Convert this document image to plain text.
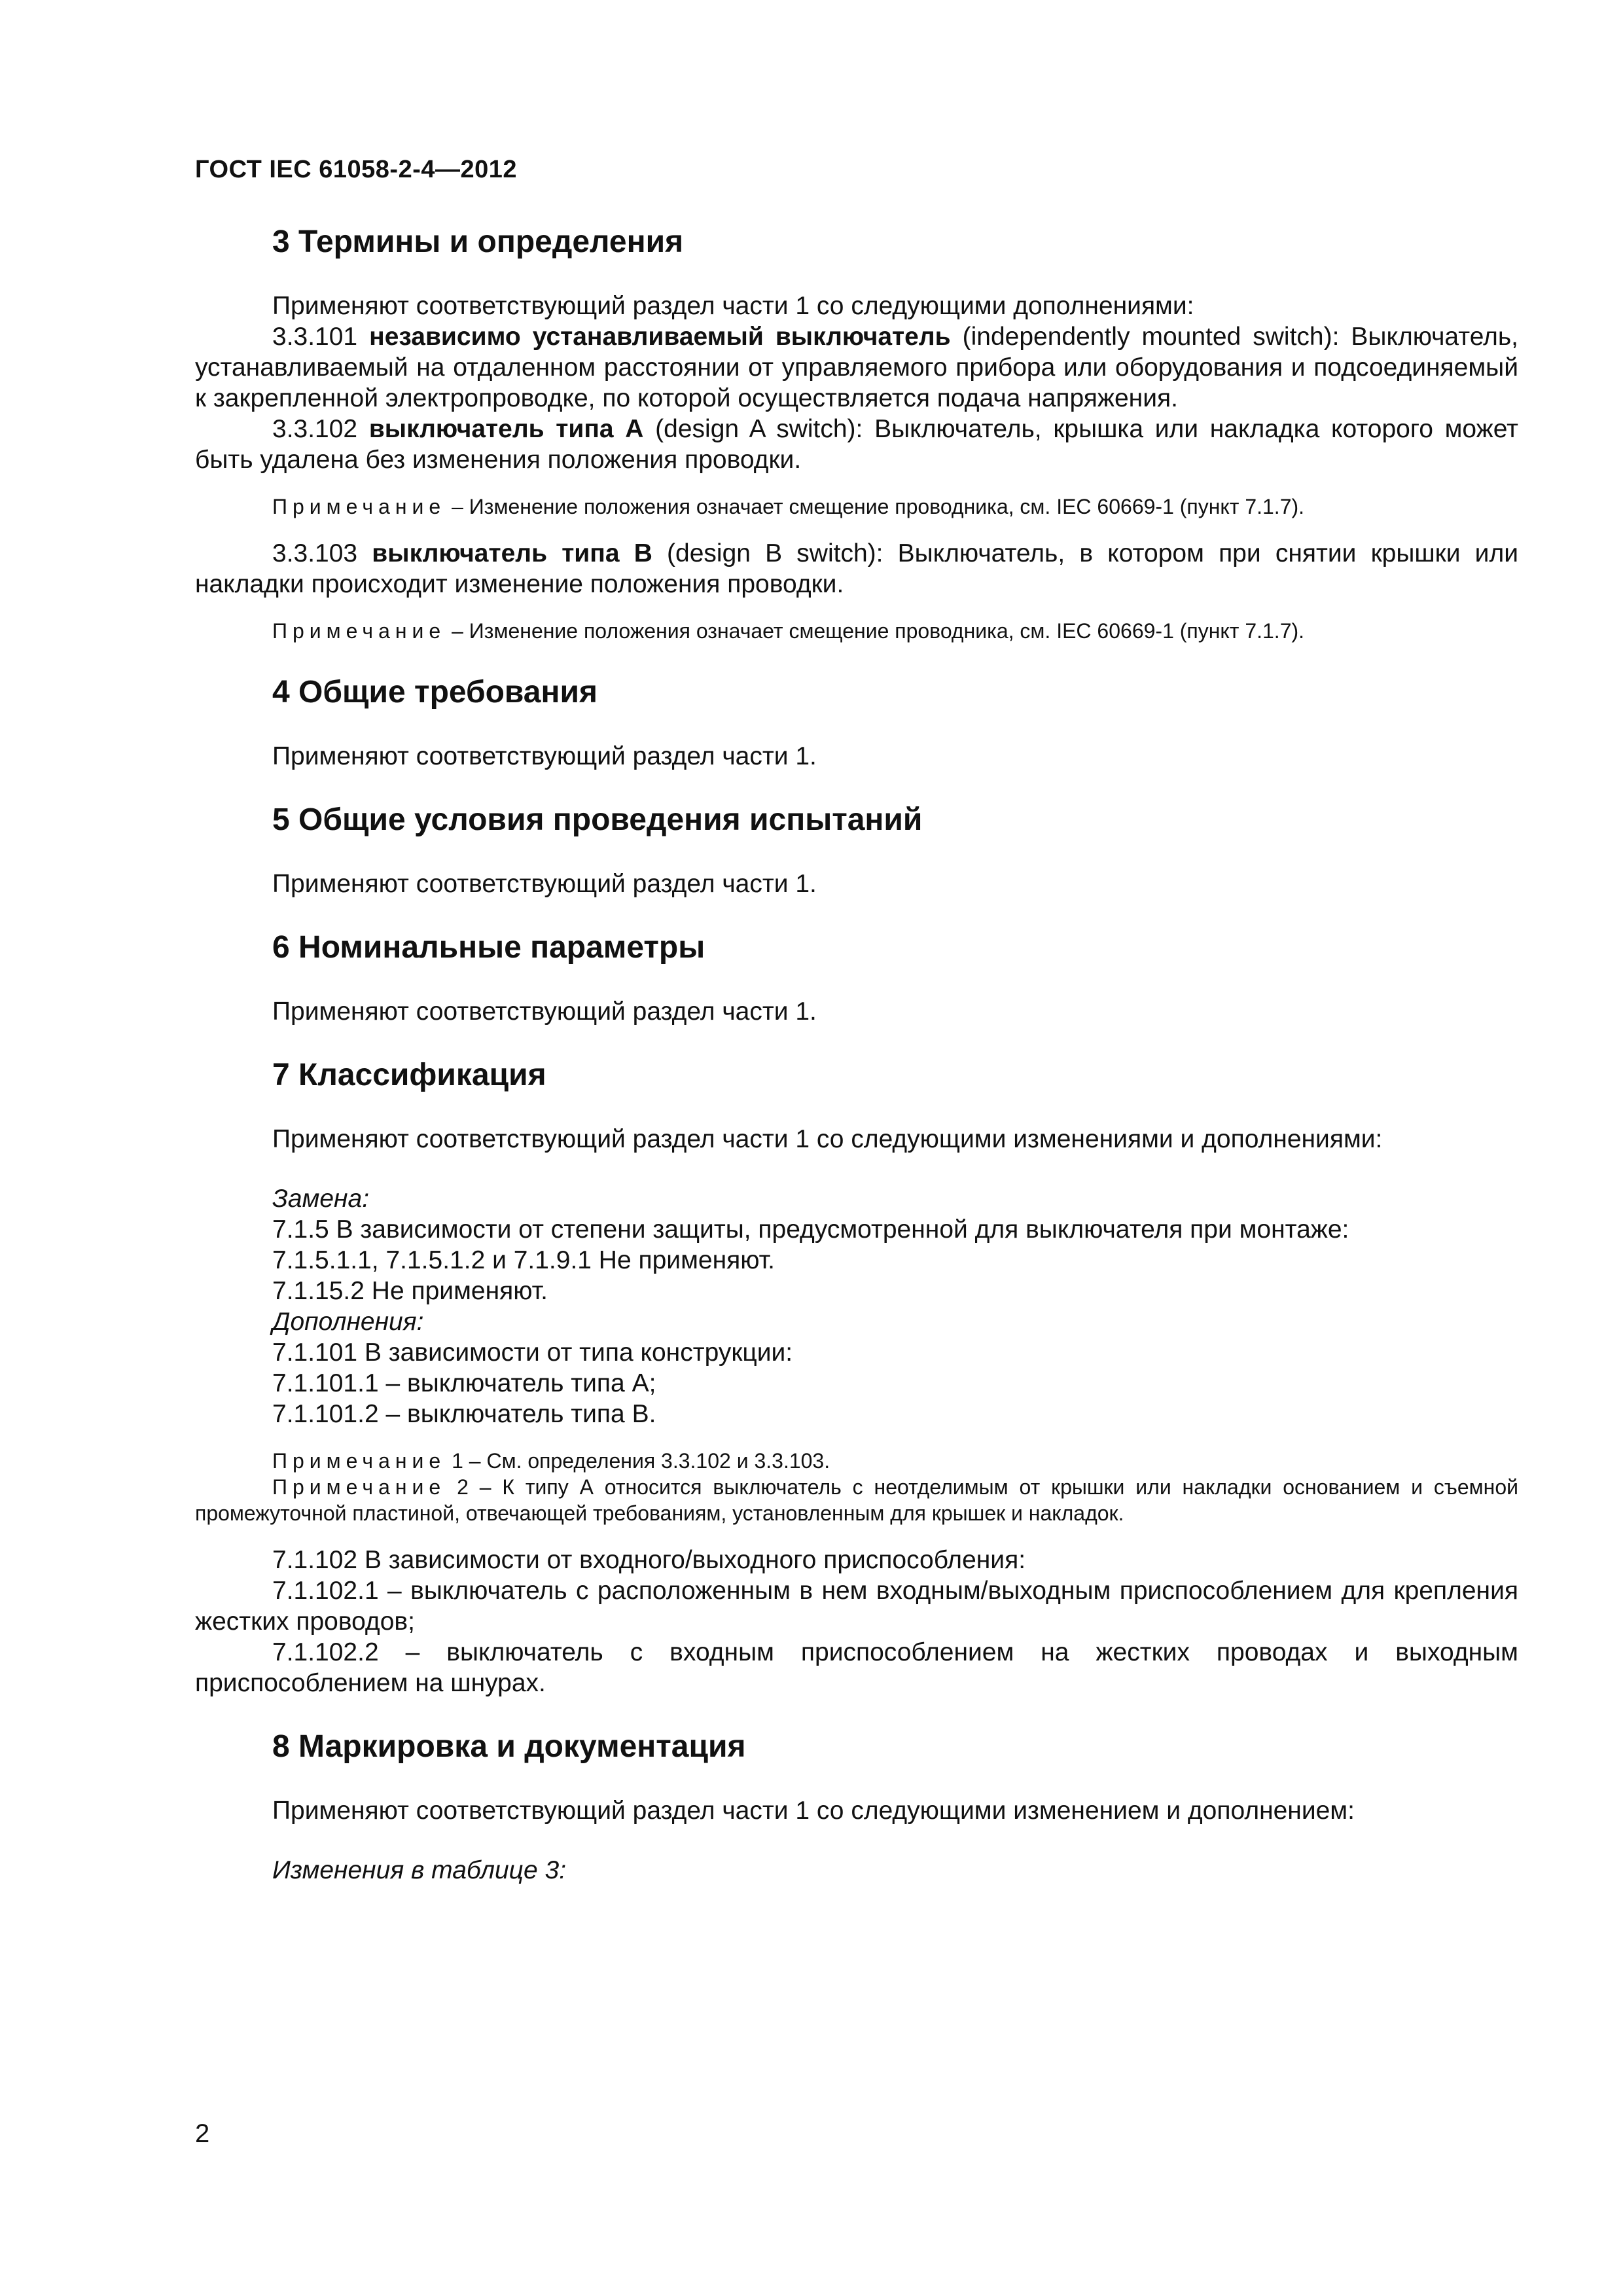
ГОСТ IEC 61058-2-4—2012
3 Термины и определения

Применяют соответствующий раздел части 1 со следующими дополнениями:

3.3.101 независимо устанавливаемый выключатель (independently mounted switch): Выключатель, устанавливаемый на отдаленном расстоянии от управляемого прибора или оборудования и подсоединяемый к закрепленной электропроводке, по которой осуществляется подача напряжения.

3.3.102 выключатель типа А (design A switch): Выключатель, крышка или накладка которого может быть удалена без изменения положения проводки.

Примечание – Изменение положения означает смещение проводника, см. IEC 60669-1 (пункт 7.1.7).

3.3.103 выключатель типа В (design B switch): Выключатель, в котором при снятии крышки или накладки происходит изменение положения проводки.

Примечание – Изменение положения означает смещение проводника, см. IEC 60669-1 (пункт 7.1.7).

4 Общие требования

Применяют соответствующий раздел части 1.

5 Общие условия проведения испытаний

Применяют соответствующий раздел части 1.

6 Номинальные параметры

Применяют соответствующий раздел части 1.

7 Классификация

Применяют соответствующий раздел части 1 со следующими изменениями и дополнениями:

Замена:
7.1.5 В зависимости от степени защиты, предусмотренной для выключателя при монтаже:
7.1.5.1.1, 7.1.5.1.2 и 7.1.9.1 Не применяют.
7.1.15.2 Не применяют.
Дополнения:
7.1.101 В зависимости от типа конструкции:
7.1.101.1 – выключатель типа А;
7.1.101.2 – выключатель типа В.

Примечание 1 – См. определения 3.3.102 и 3.3.103.

Примечание 2 – К типу А относится выключатель с неотделимым от крышки или накладки основанием и съемной промежуточной пластиной, отвечающей требованиям, установленным для крышек и накладок.

7.1.102 В зависимости от входного/выходного приспособления:

7.1.102.1 – выключатель с расположенным в нем входным/выходным приспособлением для крепления жестких проводов;

7.1.102.2 – выключатель с входным приспособлением на жестких проводах и выходным приспособлением на шнурах.

8 Маркировка и документация

Применяют соответствующий раздел части 1 со следующими изменением и дополнением:

Изменения в таблице 3:

2
